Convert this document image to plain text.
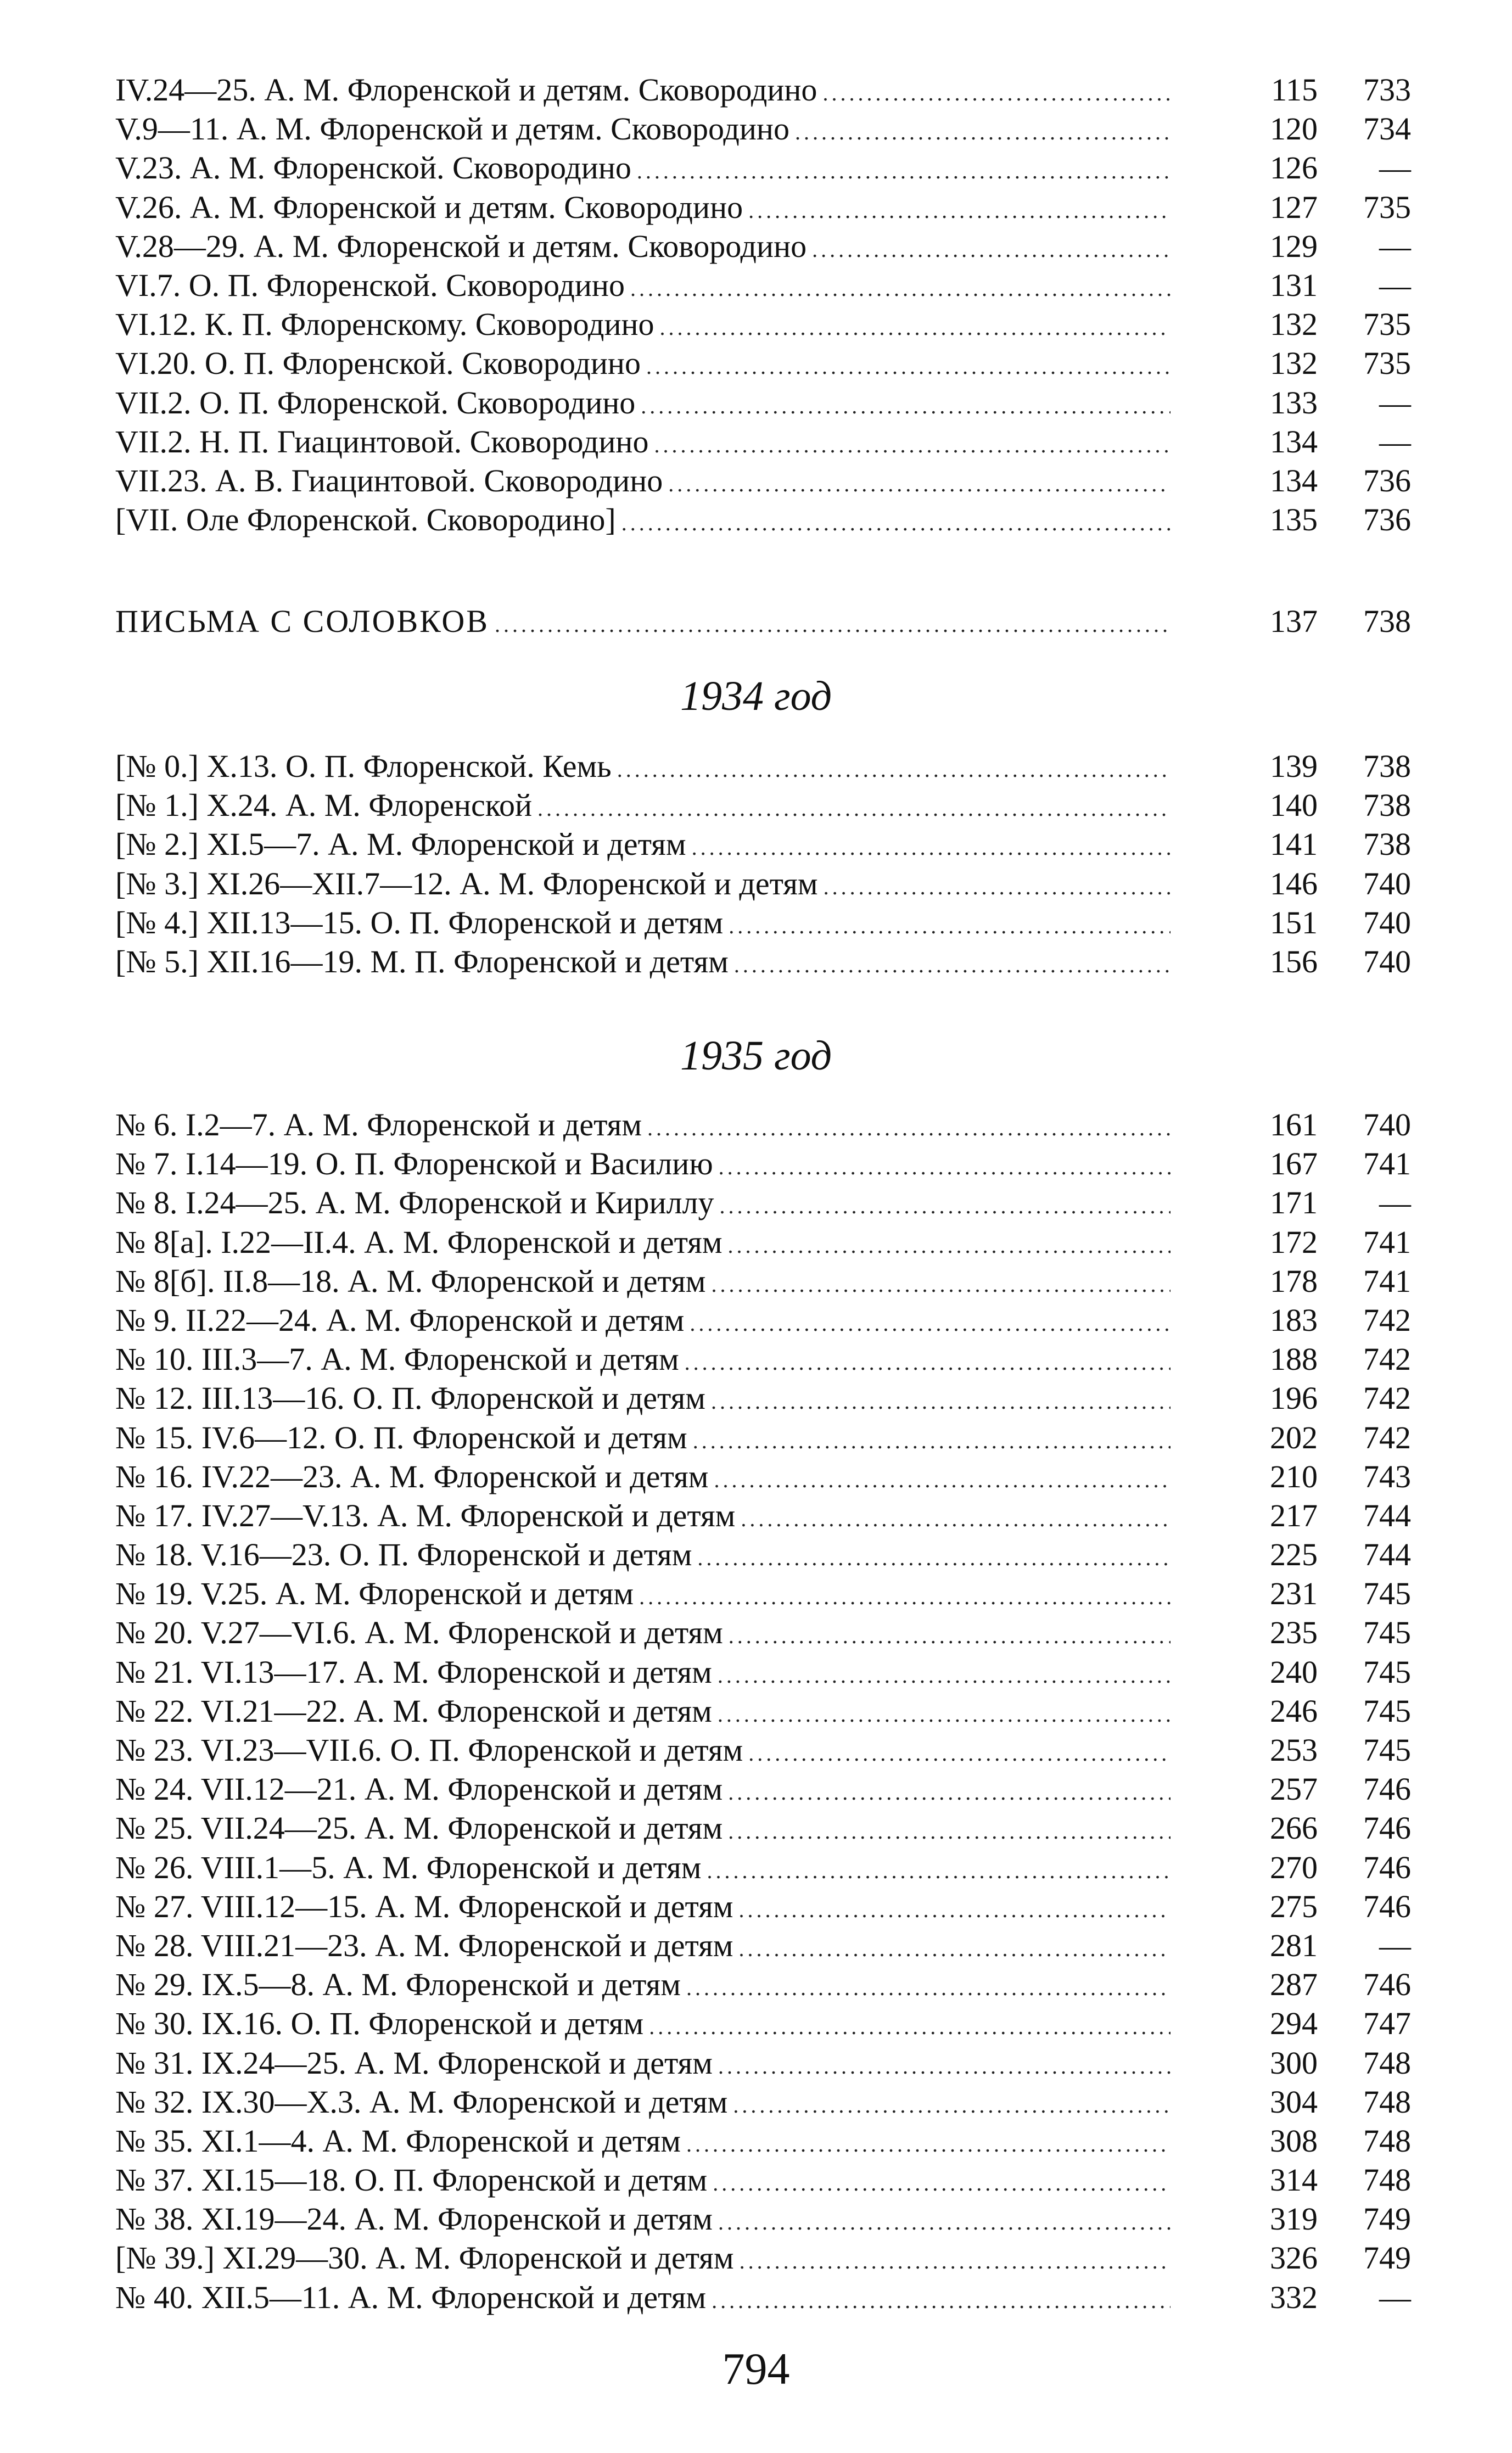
IV.24—25. А. М. Флоренской и детям. Сковородино .....	115	733
V.9—11. А. М. Флоренской и детям. Сковородино .....	120	734
V.23. А. М. Флоренской. Сковородино .....	126	—
V.26. А. М. Флоренской и детям. Сковородино .....	127	735
V.28—29. А. М. Флоренской и детям. Сковородино .....	129	—
VI.7. О. П. Флоренской. Сковородино .....	131	—
VI.12. К. П. Флоренскому. Сковородино .....	132	735
VI.20. О. П. Флоренской. Сковородино .....	132	735
VII.2. О. П. Флоренской. Сковородино .....	133	—
VII.2. Н. П. Гиацинтовой. Сковородино .....	134	—
VII.23. А. В. Гиацинтовой. Сковородино .....	134	736
[VII. Оле Флоренской. Сковородино] .....	135	736
ПИСЬМА С СОЛОВКОВ .....	137	738
1934 год
[№ 0.] X.13. О. П. Флоренской. Кемь .....	139	738
[№ 1.] X.24. А. М. Флоренской .....	140	738
[№ 2.] XI.5—7. А. М. Флоренской и детям .....	141	738
[№ 3.] XI.26—XII.7—12. А. М. Флоренской и детям .....	146	740
[№ 4.] XII.13—15. О. П. Флоренской и детям .....	151	740
[№ 5.] XII.16—19. М. П. Флоренской и детям .....	156	740
1935 год
№ 6. I.2—7. А. М. Флоренской и детям .....	161	740
№ 7. I.14—19. О. П. Флоренской и Василию .....	167	741
№ 8. I.24—25. А. М. Флоренской и Кириллу .....	171	—
№ 8[а]. I.22—II.4. А. М. Флоренской и детям .....	172	741
№ 8[б]. II.8—18. А. М. Флоренской и детям .....	178	741
№ 9. II.22—24. А. М. Флоренской и детям .....	183	742
№ 10. III.3—7. А. М. Флоренской и детям .....	188	742
№ 12. III.13—16. О. П. Флоренской и детям .....	196	742
№ 15. IV.6—12. О. П. Флоренской и детям .....	202	742
№ 16. IV.22—23. А. М. Флоренской и детям .....	210	743
№ 17. IV.27—V.13. А. М. Флоренской и детям .....	217	744
№ 18. V.16—23. О. П. Флоренской и детям .....	225	744
№ 19. V.25. А. М. Флоренской и детям .....	231	745
№ 20. V.27—VI.6. А. М. Флоренской и детям .....	235	745
№ 21. VI.13—17. А. М. Флоренской и детям .....	240	745
№ 22. VI.21—22. А. М. Флоренской и детям .....	246	745
№ 23. VI.23—VII.6. О. П. Флоренской и детям .....	253	745
№ 24. VII.12—21. А. М. Флоренской и детям .....	257	746
№ 25. VII.24—25. А. М. Флоренской и детям .....	266	746
№ 26. VIII.1—5. А. М. Флоренской и детям .....	270	746
№ 27. VIII.12—15. А. М. Флоренской и детям .....	275	746
№ 28. VIII.21—23. А. М. Флоренской и детям .....	281	—
№ 29. IX.5—8. А. М. Флоренской и детям .....	287	746
№ 30. IX.16. О. П. Флоренской и детям .....	294	747
№ 31. IX.24—25. А. М. Флоренской и детям .....	300	748
№ 32. IX.30—X.3. А. М. Флоренской и детям .....	304	748
№ 35. XI.1—4. А. М. Флоренской и детям .....	308	748
№ 37. XI.15—18. О. П. Флоренской и детям .....	314	748
№ 38. XI.19—24. А. М. Флоренской и детям .....	319	749
[№ 39.] XI.29—30. А. М. Флоренской и детям .....	326	749
№ 40. XII.5—11. А. М. Флоренской и детям .....	332	—
794
